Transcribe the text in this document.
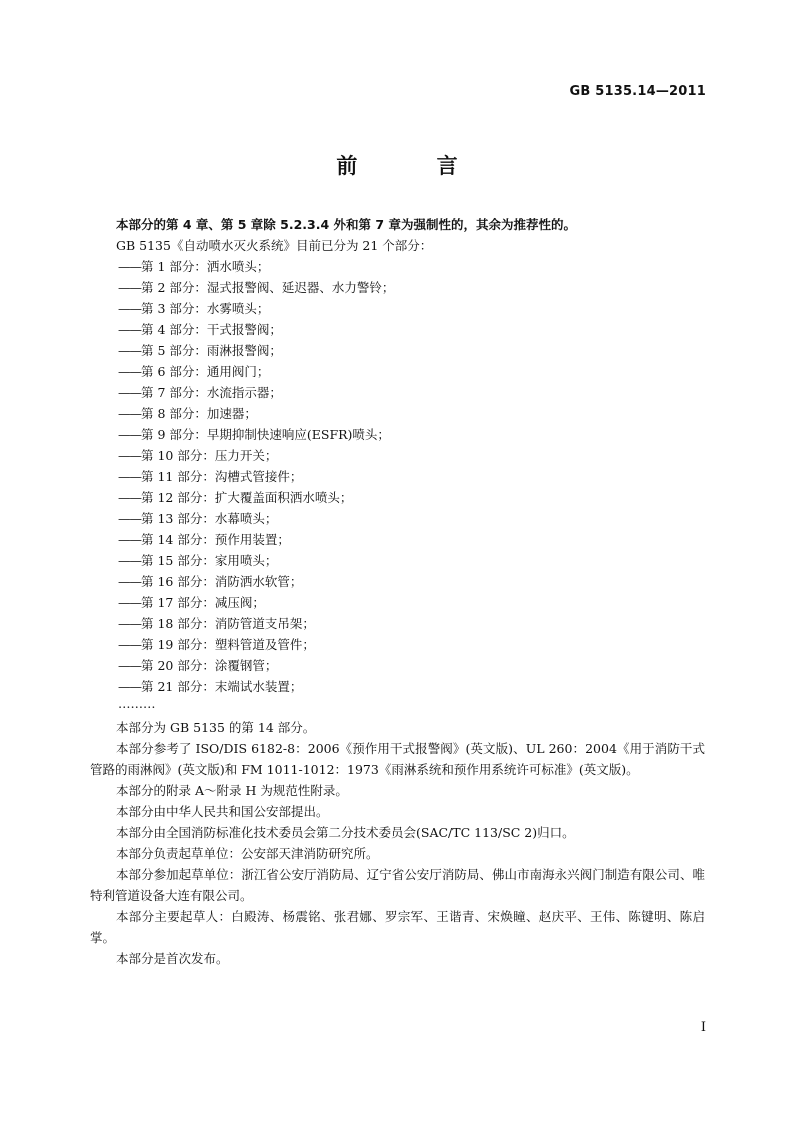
GB 5135.14—2011
前 言

本部分的第 4 章、第 5 章除 5.2.3.4 外和第 7 章为强制性的，其余为推荐性的。

GB 5135《自动喷水灭火系统》目前已分为 21 个部分：

——第 1 部分：洒水喷头；
——第 2 部分：湿式报警阀、延迟器、水力警铃；
——第 3 部分：水雾喷头；
——第 4 部分：干式报警阀；
——第 5 部分：雨淋报警阀；
——第 6 部分：通用阀门；
——第 7 部分：水流指示器；
——第 8 部分：加速器；
——第 9 部分：早期抑制快速响应(ESFR)喷头；
——第 10 部分：压力开关；
——第 11 部分：沟槽式管接件；
——第 12 部分：扩大覆盖面积洒水喷头；
——第 13 部分：水幕喷头；
——第 14 部分：预作用装置；
——第 15 部分：家用喷头；
——第 16 部分：消防洒水软管；
——第 17 部分：减压阀；
——第 18 部分：消防管道支吊架；
——第 19 部分：塑料管道及管件；
——第 20 部分：涂覆钢管；
——第 21 部分：末端试水装置；

………

本部分为 GB 5135 的第 14 部分。

本部分参考了 ISO/DIS 6182-8：2006《预作用干式报警阀》(英文版)、UL 260：2004《用于消防干式管路的雨淋阀》(英文版)和 FM 1011-1012：1973《雨淋系统和预作用系统许可标准》(英文版)。

本部分的附录 A～附录 H 为规范性附录。

本部分由中华人民共和国公安部提出。

本部分由全国消防标准化技术委员会第二分技术委员会(SAC/TC 113/SC 2)归口。

本部分负责起草单位：公安部天津消防研究所。

本部分参加起草单位：浙江省公安厅消防局、辽宁省公安厅消防局、佛山市南海永兴阀门制造有限公司、唯特利管道设备大连有限公司。

本部分主要起草人：白殿涛、杨震铭、张君娜、罗宗军、王谐青、宋焕瞳、赵庆平、王伟、陈键明、陈启掌。

本部分是首次发布。

I
